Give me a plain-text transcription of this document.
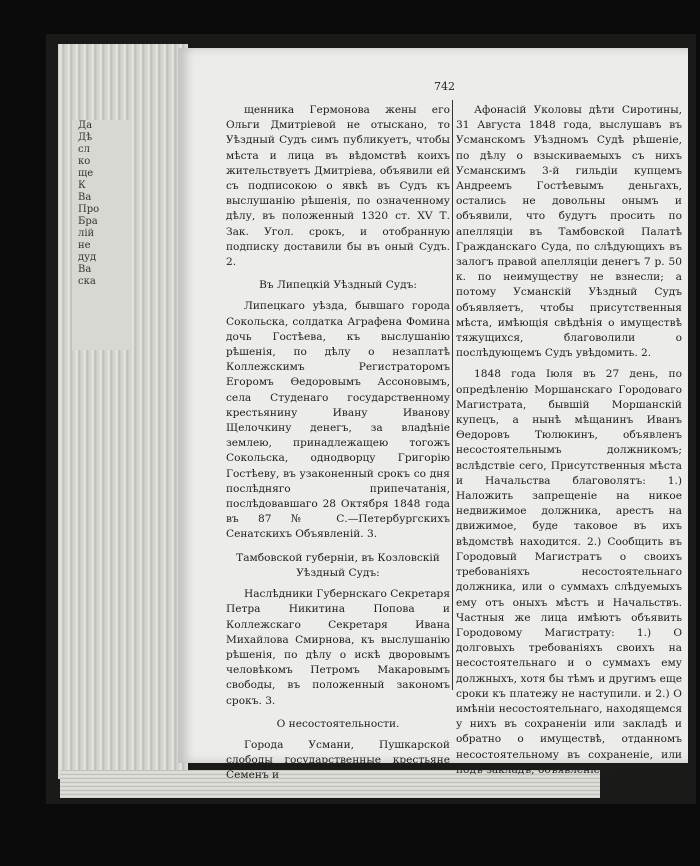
Да
Дѣ
сл
ко
ще
К
Ва
Про
Бра
лій
не
дуд
Ва
ска
742

щенника Гермонова жены его Ольги Дмитріевой не отыскано, то Уѣздный Судъ симъ публикуетъ, чтобы мѣста и лица въ вѣдомствѣ коихъ жительствуетъ Дмитріева, объявили ей съ подписокою о явкѣ въ Судъ къ выслушанію рѣшенія, по означенному дѣлу, въ положенный 1320 ст. XV Т. Зак. Угол. срокъ, и отобранную подписку доставили бы въ оный Судъ. 2.

Въ Липецкій Уѣздный Судъ:

Липецкаго уѣзда, бывшаго города Сокольска, солдатка Аграфена Фомина дочь Гостѣева, къ выслушанію рѣшенія, по дѣлу о незаплатѣ Коллежскимъ Регистраторомъ Егоромъ Ѳедоровымъ Ассоновымъ, села Студенаго государственному крестьянину Ивану Иванову Щелочкину денегъ, за владѣніе землею, принадлежащею тогожъ Сокольска, однодворцу Григорію Гостѣеву, въ узаконенный срокъ со дня послѣдняго припечатанія, послѣдовавшаго 28 Октября 1848 года въ 87 № С.—Петербургскихъ Сенатскихъ Объявленій. 3.

Тамбовской губерніи, въ Козловскій Уѣздный Судъ:

Наслѣдники Губернскаго Секретаря Петра Никитина Попова и Коллежскаго Секретаря Ивана Михайлова Смирнова, къ выслушанію рѣшенія, по дѣлу о искѣ дворовымъ человѣкомъ Петромъ Макаровымъ свободы, въ положенный закономъ срокъ. 3.

О несостоятельности.

Города Усмани, Пушкарской слободы государственные крестьяне Семенъ и

Афонасій Уколовы дѣти Сиротины, 31 Августа 1848 года, выслушавъ въ Усманскомъ Уѣздномъ Судѣ рѣшеніе, по дѣлу о взыскиваемыхъ съ нихъ Усманскимъ 3-й гильдіи купцемъ Андреемъ Гостѣевымъ деньгахъ, остались не довольны онымъ и объявили, что будутъ просить по апелляціи въ Тамбовской Палатѣ Гражданскаго Суда, по слѣдующихъ въ залогъ правой апелляціи денегъ 7 р. 50 к. по неимуществу не взнесли; а потому Усманскій Уѣздный Судъ объявляетъ, чтобы присутственныя мѣста, имѣющія свѣдѣнія о имуществѣ тяжущихся, благоволили о послѣдующемъ Судъ увѣдомить. 2.

1848 года Іюля въ 27 день, по опредѣленію Моршанскаго Городоваго Магистрата, бывшій Моршанскій купецъ, а нынѣ мѣщанинъ Иванъ Ѳедоровъ Тюлюкинъ, объявленъ несостоятельнымъ должникомъ; вслѣдствіе сего, Присутственныя мѣста и Начальства благоволятъ: 1.) Наложить запрещеніе на никое недвижимое должника, арестъ на движимое, буде таковое въ ихъ вѣдомствѣ находится. 2.) Сообщить въ Городовый Магистратъ о своихъ требованіяхъ несостоятельнаго должника, или о суммахъ слѣдуемыхъ ему отъ оныхъ мѣстъ и Начальствъ. Частныя же лица имѣютъ объявить Городовому Магистрату: 1.) О долговыхъ требованіяхъ своихъ на несостоятельнаго и о суммахъ ему должныхъ, хотя бы тѣмъ и другимъ еще сроки къ платежу не наступили. и 2.) О имѣніи несостоятельнаго, находящемся у нихъ въ сохраненіи или закладѣ и обратно о имуществѣ, отданномъ несостоятельному въ сохраненіе, или подъ закладъ; объявленіе сіе
